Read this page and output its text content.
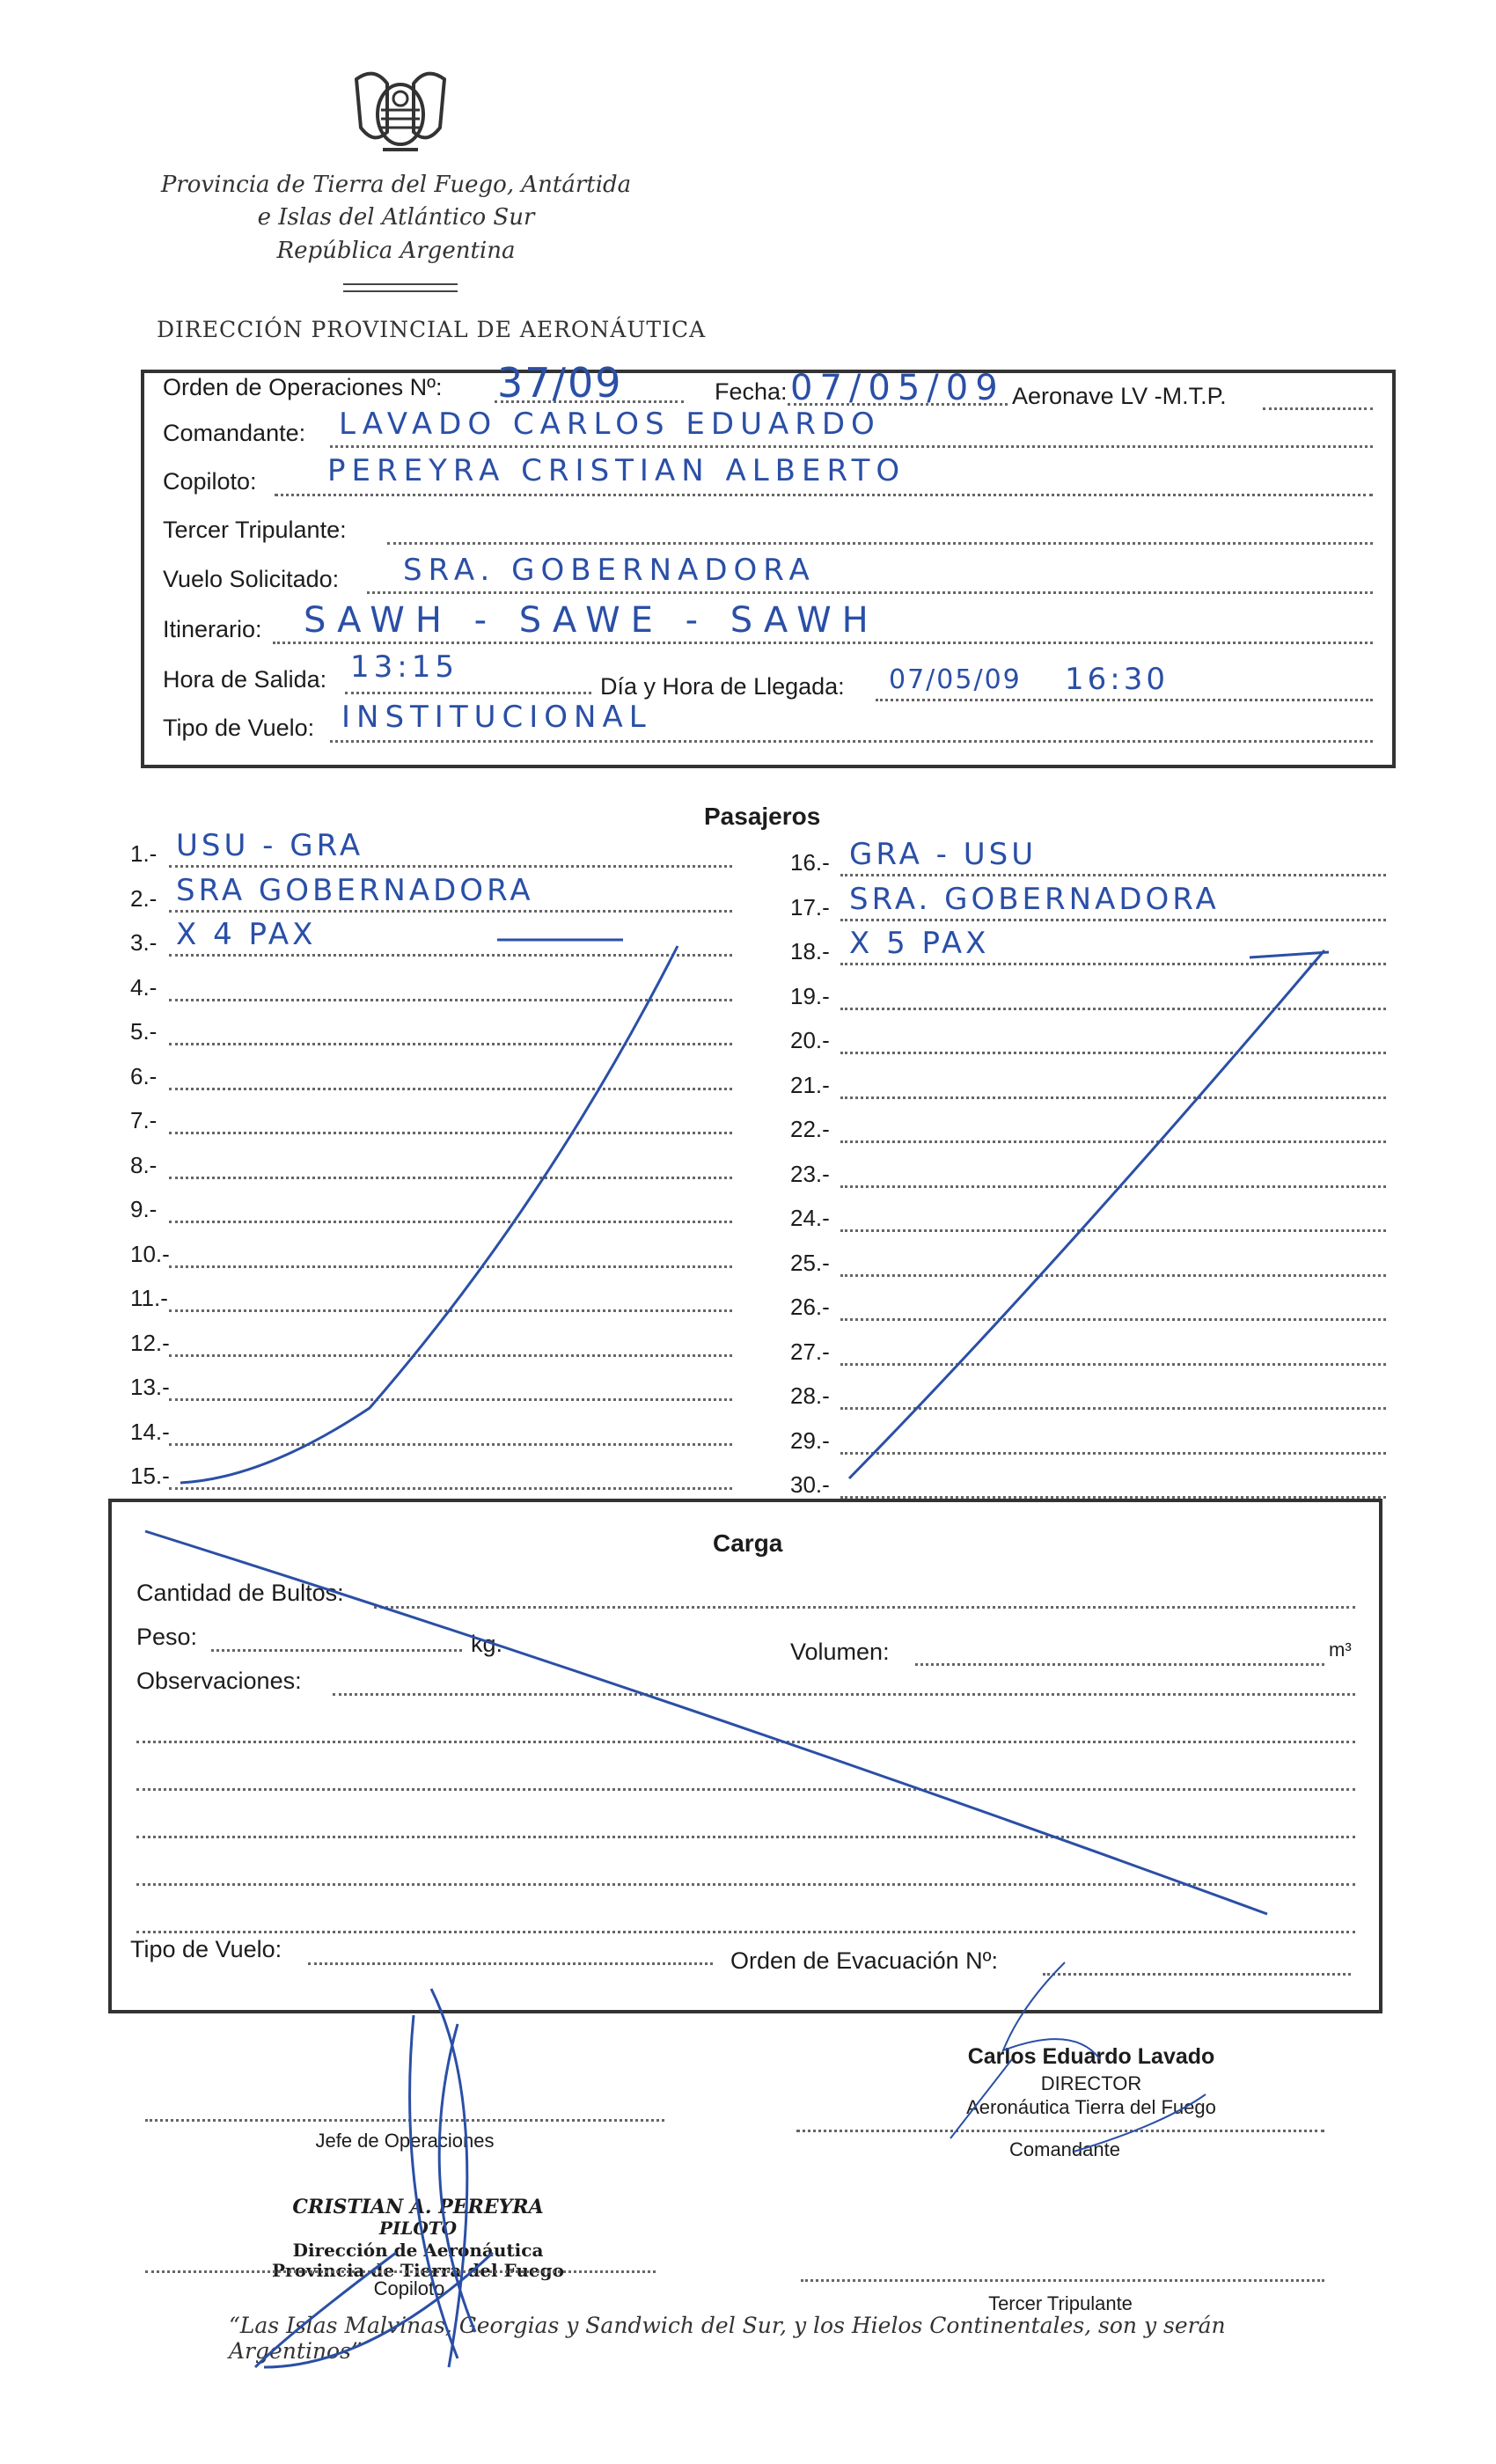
Provincia de Tierra del Fuego, Antártida
e Islas del Atlántico Sur
República Argentina
DIRECCIÓN PROVINCIAL DE AERONÁUTICA
Orden de Operaciones Nº: 37/09	Fecha: 07/05/09 Aeronave LV -M.T.P.
Comandante: LAVADO CARLOS EDUARDO
Copiloto: PEREYRA CRISTIAN ALBERTO
Tercer Tripulante:
Vuelo Solicitado: SRA. GOBERNADORA
Itinerario: SAWH - SAWE - SAWH
Hora de Salida: 13:15
Día y Hora de Llegada: 07/05/09 16:30
Tipo de Vuelo: INSTITUCIONAL
Pasajeros
1.- USU - GRA
2.- SRA GOBERNADORA
3.- X 4 PAX
4.-
5.-
6.-
7.-
8.-
9.-
10.-
11.-
12.-
13.-
14.-
15.-
16.- GRA - USU
17.- SRA. GOBERNADORA
18.- X 5 PAX
19.-
20.-
21.-
22.-
23.-
24.-
25.-
26.-
27.-
28.-
29.-
30.-
Carga
Cantidad de Bultos:
Peso:	kg.	Volumen:	m³
Observaciones:
Tipo de Vuelo:	Orden de Evacuación Nº:
Jefe de Operaciones
Carlos Eduardo Lavado
DIRECTOR
Aeronáutica Tierra del Fuego
Comandante
CRISTIAN A. PEREYRA
PILOTO
Dirección de Aeronáutica
Provincia de Tierra del Fuego
Copiloto
Tercer Tripulante
“Las Islas Malvinas, Georgias y Sandwich del Sur, y los Hielos Continentales, son y serán Argentinos”
